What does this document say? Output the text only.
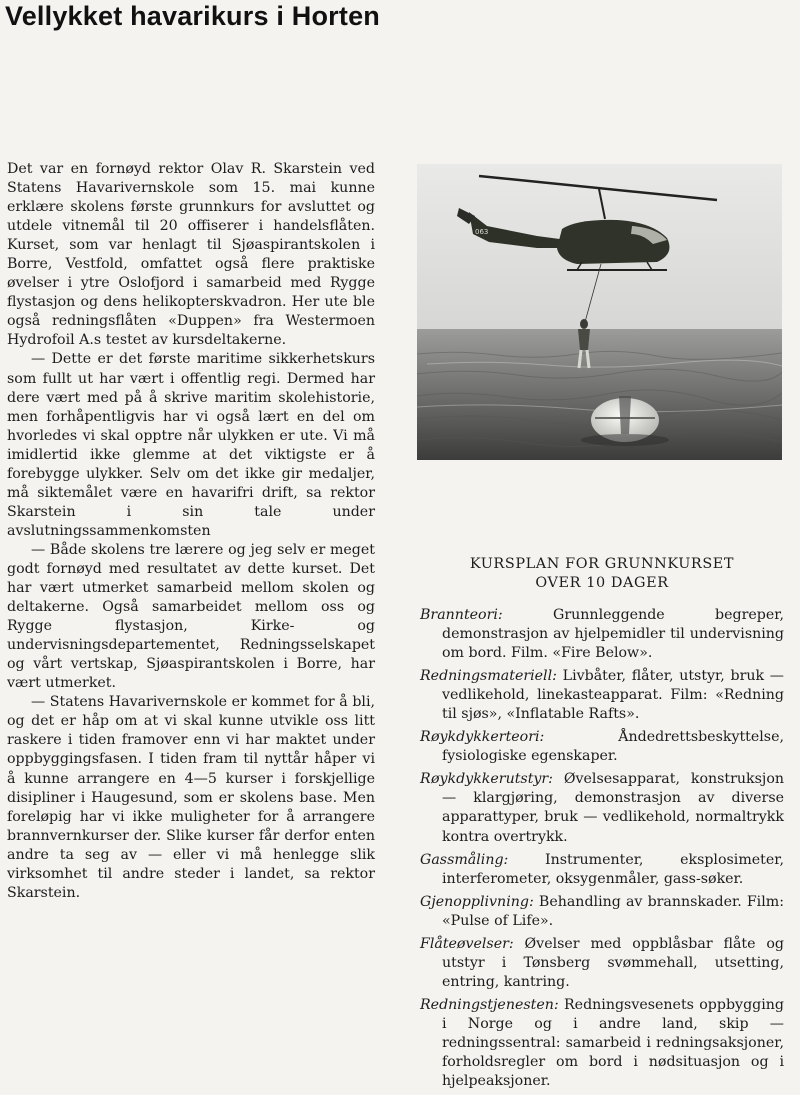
Vellykket havarikurs i Horten

Det var en fornøyd rektor Olav R. Skarstein ved Statens Havarivernskole som 15. mai kunne erklære skolens første grunnkurs for avsluttet og utdele vitnemål til 20 offiserer i handelsflåten. Kurset, som var henlagt til Sjøaspirantskolen i Borre, Vestfold, omfattet også flere praktiske øvelser i ytre Oslofjord i samarbeid med Rygge flystasjon og dens helikopterskvadron. Her ute ble også redningsflåten «Duppen» fra Westermoen Hydrofoil A.s testet av kursdeltakerne.

— Dette er det første maritime sikkerhetskurs som fullt ut har vært i offentlig regi. Dermed har dere vært med på å skrive maritim skolehistorie, men forhåpentligvis har vi også lært en del om hvorledes vi skal opptre når ulykken er ute. Vi må imidlertid ikke glemme at det viktigste er å forebygge ulykker. Selv om det ikke gir medaljer, må siktemålet være en havarifri drift, sa rektor Skarstein i sin tale under avslutningssammenkomsten

— Både skolens tre lærere og jeg selv er meget godt fornøyd med resultatet av dette kurset. Det har vært utmerket samarbeid mellom skolen og deltakerne. Også samarbeidet mellom oss og Rygge flystasjon, Kirke- og undervisningsdepartementet, Redningsselskapet og vårt vertskap, Sjøaspirantskolen i Borre, har vært utmerket.

— Statens Havarivernskole er kommet for å bli, og det er håp om at vi skal kunne utvikle oss litt raskere i tiden framover enn vi har maktet under oppbyggingsfasen. I tiden fram til nyttår håper vi å kunne arrangere en 4—5 kurser i forskjellige disipliner i Haugesund, som er skolens base. Men foreløpig har vi ikke muligheter for å arrangere brannvernkurser der. Slike kurser får derfor enten andre ta seg av — eller vi må henlegge slik virksomhet til andre steder i landet, sa rektor Skarstein.

063
KURSPLAN FOR GRUNNKURSET
OVER 10 DAGER

Brannteori:	Grunnleggende begreper, demonstrasjon av hjelpemidler til undervisning om bord. Film. «Fire Below».

Redningsmateriell: Livbåter, flåter, utstyr, bruk — vedlikehold, linekasteapparat. Film: «Redning til sjøs», «Inflatable Rafts».

Røykdykkerteori:	Åndedrettsbeskyttelse, fysiologiske egenskaper.

Røykdykkerutstyr: Øvelsesapparat, konstruksjon — klargjøring, demonstrasjon av diverse apparattyper, bruk — vedlikehold, normaltrykk kontra overtrykk.

Gassmåling:	Instrumenter, eksplosimeter, interferometer, oksygenmåler, gass-søker.

Gjenopplivning: Behandling av brannskader. Film: «Pulse of Life».

Flåteøvelser: Øvelser med oppblåsbar flåte og utstyr i Tønsberg svømmehall, utsetting, entring, kantring.

Redningstjenesten: Redningsvesenets oppbygging i Norge og i andre land, skip — redningssentral: samarbeid i redningsaksjoner, forholdsregler om bord i nødsituasjon og i hjelpeaksjoner.
